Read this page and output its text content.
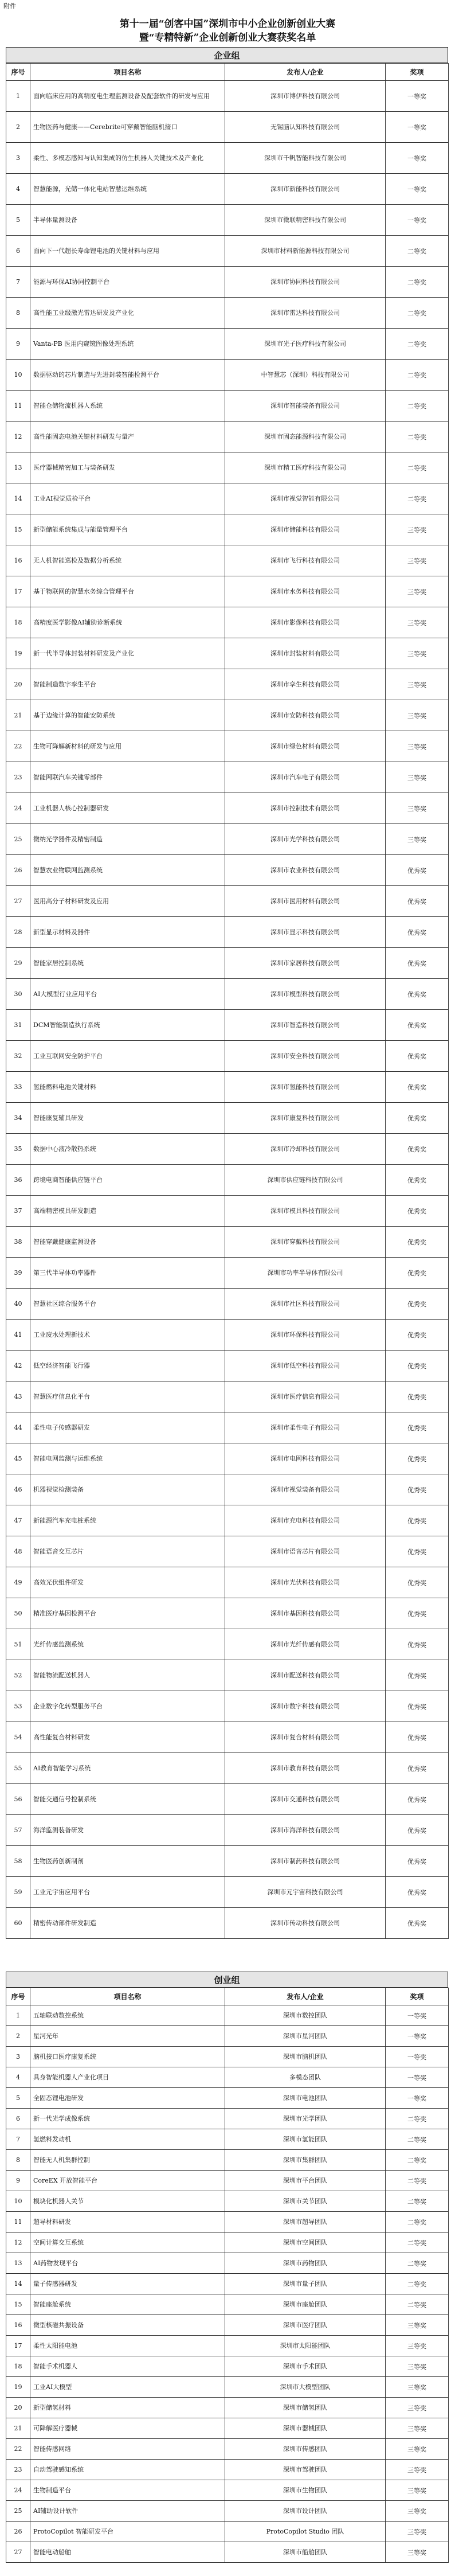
附件
第十一届“创客中国”深圳市中小企业创新创业大赛
暨“专精特新”企业创新创业大赛获奖名单
企业组
序号	项目名称	发布人/企业	奖项
1	面向临床应用的高精度电生理监测设备及配套软件的研发与应用	深圳市博伊科技有限公司	一等奖
2	生物医药与健康——Cerebrite可穿戴智能脑机接口	无锡脑认知科技有限公司	一等奖
3	柔性、多模态感知与认知集成的仿生机器人关键技术及产业化	深圳市千帆智能科技有限公司	一等奖
4	智慧能源，光储一体化电站智慧运维系统	深圳市新能科技有限公司	一等奖
5	半导体量测设备	深圳市微联精密科技有限公司	一等奖
6	面向下一代超长寿命锂电池的关键材料与应用	深圳市材料新能源科技有限公司	二等奖
7	能源与环保AI协同控制平台	深圳市协同科技有限公司	二等奖
8	高性能工业级激光雷达研发及产业化	深圳市雷达科技有限公司	二等奖
9	Vanta-PB 医用内窥镜图像处理系统	深圳市光子医疗科技有限公司	二等奖
10	数据驱动的芯片制造与先进封装智能检测平台	中智慧芯（深圳）科技有限公司	二等奖
11	智能仓储物流机器人系统	深圳市智能装备有限公司	二等奖
12	高性能固态电池关键材料研发与量产	深圳市固态能源科技有限公司	二等奖
13	医疗器械精密加工与装备研发	深圳市精工医疗科技有限公司	二等奖
14	工业AI视觉质检平台	深圳市视觉智能有限公司	二等奖
15	新型储能系统集成与能量管理平台	深圳市储能科技有限公司	三等奖
16	无人机智能巡检及数据分析系统	深圳市飞行科技有限公司	三等奖
17	基于物联网的智慧水务综合管理平台	深圳市水务科技有限公司	三等奖
18	高精度医学影像AI辅助诊断系统	深圳市影像科技有限公司	三等奖
19	新一代半导体封装材料研发及产业化	深圳市封装材料有限公司	三等奖
20	智能制造数字孪生平台	深圳市孪生科技有限公司	三等奖
21	基于边缘计算的智能安防系统	深圳市安防科技有限公司	三等奖
22	生物可降解新材料的研发与应用	深圳市绿色材料有限公司	三等奖
23	智能网联汽车关键零部件	深圳市汽车电子有限公司	三等奖
24	工业机器人核心控制器研发	深圳市控制技术有限公司	三等奖
25	微纳光学器件及精密制造	深圳市光学科技有限公司	三等奖
26	智慧农业物联网监测系统	深圳市农业科技有限公司	优秀奖
27	医用高分子材料研发及应用	深圳市医用材料有限公司	优秀奖
28	新型显示材料及器件	深圳市显示科技有限公司	优秀奖
29	智能家居控制系统	深圳市家居科技有限公司	优秀奖
30	AI大模型行业应用平台	深圳市模型科技有限公司	优秀奖
31	DCM智能制造执行系统	深圳市智造科技有限公司	优秀奖
32	工业互联网安全防护平台	深圳市安全科技有限公司	优秀奖
33	氢能燃料电池关键材料	深圳市氢能科技有限公司	优秀奖
34	智能康复辅具研发	深圳市康复科技有限公司	优秀奖
35	数据中心液冷散热系统	深圳市冷却科技有限公司	优秀奖
36	跨境电商智能供应链平台	深圳市供应链科技有限公司	优秀奖
37	高端精密模具研发制造	深圳市模具科技有限公司	优秀奖
38	智能穿戴健康监测设备	深圳市穿戴科技有限公司	优秀奖
39	第三代半导体功率器件	深圳市功率半导体有限公司	优秀奖
40	智慧社区综合服务平台	深圳市社区科技有限公司	优秀奖
41	工业废水处理新技术	深圳市环保科技有限公司	优秀奖
42	低空经济智能飞行器	深圳市低空科技有限公司	优秀奖
43	智慧医疗信息化平台	深圳市医疗信息有限公司	优秀奖
44	柔性电子传感器研发	深圳市柔性电子有限公司	优秀奖
45	智能电网监测与运维系统	深圳市电网科技有限公司	优秀奖
46	机器视觉检测装备	深圳市视觉装备有限公司	优秀奖
47	新能源汽车充电桩系统	深圳市充电科技有限公司	优秀奖
48	智能语音交互芯片	深圳市语音芯片有限公司	优秀奖
49	高效光伏组件研发	深圳市光伏科技有限公司	优秀奖
50	精准医疗基因检测平台	深圳市基因科技有限公司	优秀奖
51	光纤传感监测系统	深圳市光纤传感有限公司	优秀奖
52	智能物流配送机器人	深圳市配送科技有限公司	优秀奖
53	企业数字化转型服务平台	深圳市数字科技有限公司	优秀奖
54	高性能复合材料研发	深圳市复合材料有限公司	优秀奖
55	AI教育智能学习系统	深圳市教育科技有限公司	优秀奖
56	智能交通信号控制系统	深圳市交通科技有限公司	优秀奖
57	海洋监测装备研发	深圳市海洋科技有限公司	优秀奖
58	生物医药创新制剂	深圳市制药科技有限公司	优秀奖
59	工业元宇宙应用平台	深圳市元宇宙科技有限公司	优秀奖
60	精密传动部件研发制造	深圳市传动科技有限公司	优秀奖
创业组
序号	项目名称	发布人/企业	奖项
1	五轴联动数控系统	深圳市数控团队	一等奖
2	星河光年	深圳市星河团队	一等奖
3	脑机接口医疗康复系统	深圳市脑机团队	一等奖
4	具身智能机器人产业化项目	多模态团队	一等奖
5	全固态锂电池研发	深圳市电池团队	一等奖
6	新一代光学成像系统	深圳市光学团队	二等奖
7	氢燃料发动机	深圳市氢能团队	二等奖
8	智能无人机集群控制	深圳市集群团队	二等奖
9	CoreEX 开放智能平台	深圳市平台团队	二等奖
10	模块化机器人关节	深圳市关节团队	二等奖
11	超导材料研发	深圳市超导团队	二等奖
12	空间计算交互系统	深圳市空间团队	二等奖
13	AI药物发现平台	深圳市药物团队	二等奖
14	量子传感器研发	深圳市量子团队	二等奖
15	智能座舱系统	深圳市座舱团队	二等奖
16	微型核磁共振设备	深圳市医疗团队	三等奖
17	柔性太阳能电池	深圳市太阳能团队	三等奖
18	智能手术机器人	深圳市手术团队	三等奖
19	工业AI大模型	深圳市大模型团队	三等奖
20	新型储氢材料	深圳市储氢团队	三等奖
21	可降解医疗器械	深圳市器械团队	三等奖
22	智能传感网络	深圳市传感团队	三等奖
23	自动驾驶感知系统	深圳市驾驶团队	三等奖
24	生物制造平台	深圳市生物团队	三等奖
25	AI辅助设计软件	深圳市设计团队	三等奖
26	ProtoCopilot 智能研发平台	ProtoCopilot Studio 团队	三等奖
27	智能电动船舶	深圳市船舶团队	三等奖
